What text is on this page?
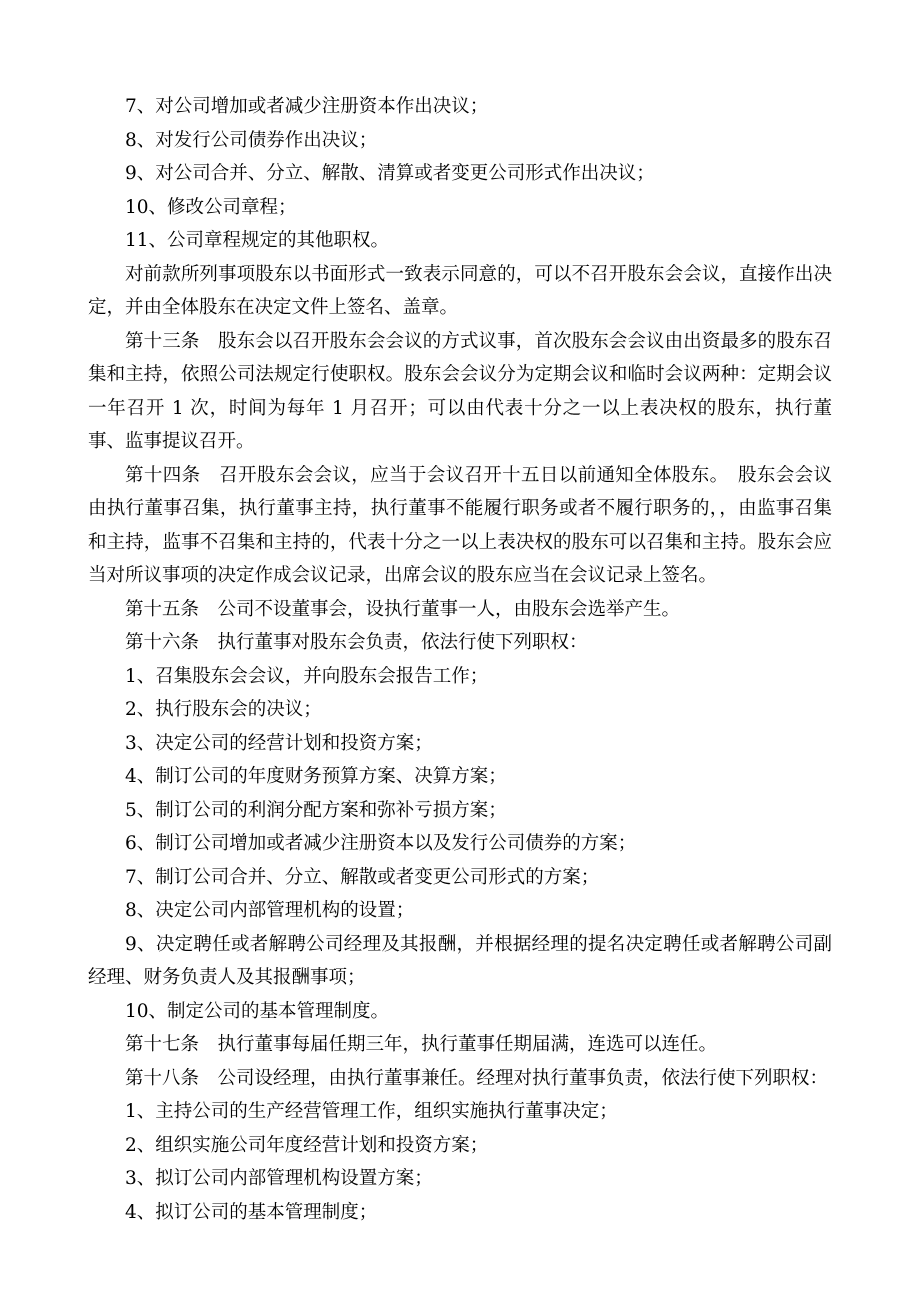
7、对公司增加或者减少注册资本作出决议；

8、对发行公司债券作出决议；

9、对公司合并、分立、解散、清算或者变更公司形式作出决议；

10、修改公司章程；

11、公司章程规定的其他职权。

对前款所列事项股东以书面形式一致表示同意的，可以不召开股东会会议，直接作出决定，并由全体股东在决定文件上签名、盖章。

第十三条　股东会以召开股东会会议的方式议事，首次股东会会议由出资最多的股东召集和主持，依照公司法规定行使职权。股东会会议分为定期会议和临时会议两种：定期会议一年召开 1 次，时间为每年 1 月召开；可以由代表十分之一以上表决权的股东，执行董事、监事提议召开。

第十四条　召开股东会会议，应当于会议召开十五日以前通知全体股东。　股东会会议由执行董事召集，执行董事主持，执行董事不能履行职务或者不履行职务的，，由监事召集和主持，监事不召集和主持的，代表十分之一以上表决权的股东可以召集和主持。股东会应当对所议事项的决定作成会议记录，出席会议的股东应当在会议记录上签名。

第十五条　公司不设董事会，设执行董事一人，由股东会选举产生。

第十六条　执行董事对股东会负责，依法行使下列职权：

1、召集股东会会议，并向股东会报告工作；

2、执行股东会的决议；

3、决定公司的经营计划和投资方案；

4、制订公司的年度财务预算方案、决算方案；

5、制订公司的利润分配方案和弥补亏损方案；

6、制订公司增加或者减少注册资本以及发行公司债券的方案；

7、制订公司合并、分立、解散或者变更公司形式的方案；

8、决定公司内部管理机构的设置；

9、决定聘任或者解聘公司经理及其报酬，并根据经理的提名决定聘任或者解聘公司副经理、财务负责人及其报酬事项；

10、制定公司的基本管理制度。

第十七条　执行董事每届任期三年，执行董事任期届满，连选可以连任。

第十八条　公司设经理，由执行董事兼任。经理对执行董事负责，依法行使下列职权：

1、主持公司的生产经营管理工作，组织实施执行董事决定；

2、组织实施公司年度经营计划和投资方案；

3、拟订公司内部管理机构设置方案；

4、拟订公司的基本管理制度；
